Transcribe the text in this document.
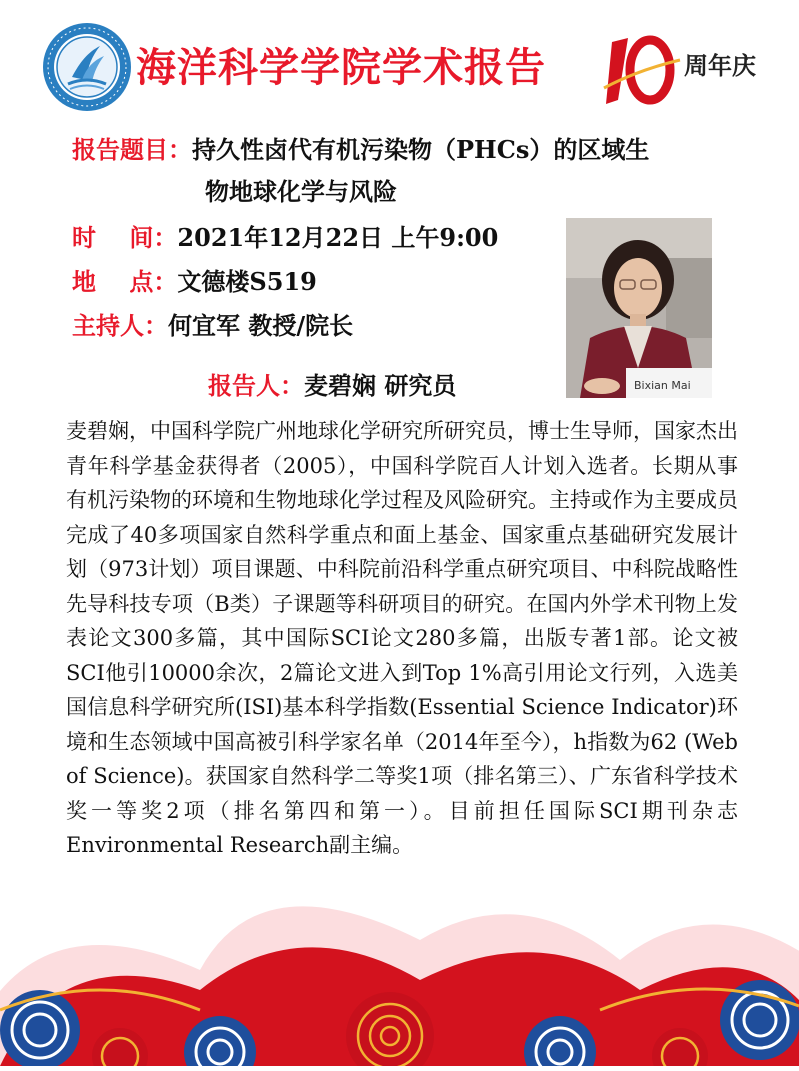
海洋科学学院学术报告	周年庆
报告题目：持久性卤代有机污染物（PHCs）的区域生
物地球化学与风险
时    间：2021年12月22日 上午9:00
地    点：文德楼S519
主持人：何宜军 教授/院长
报告人：麦碧娴 研究员	Bixian Mai
麦碧娴，中国科学院广州地球化学研究所研究员，博士生导师，国家杰出青年科学基金获得者（2005），中国科学院百人计划入选者。长期从事有机污染物的环境和生物地球化学过程及风险研究。主持或作为主要成员完成了40多项国家自然科学重点和面上基金、国家重点基础研究发展计划（973计划）项目课题、中科院前沿科学重点研究项目、中科院战略性先导科技专项（B类）子课题等科研项目的研究。在国内外学术刊物上发表论文300多篇，其中国际SCI论文280多篇，出版专著1部。论文被SCI他引10000余次，2篇论文进入到Top 1%高引用论文行列，入选美国信息科学研究所(ISI)基本科学指数(Essential Science Indicator)环境和生态领域中国高被引科学家名单（2014年至今），h指数为62 (Web of Science)。获国家自然科学二等奖1项（排名第三）、广东省科学技术奖一等奖2项（排名第四和第一）。目前担任国际SCI期刊杂志Environmental Research副主编。
